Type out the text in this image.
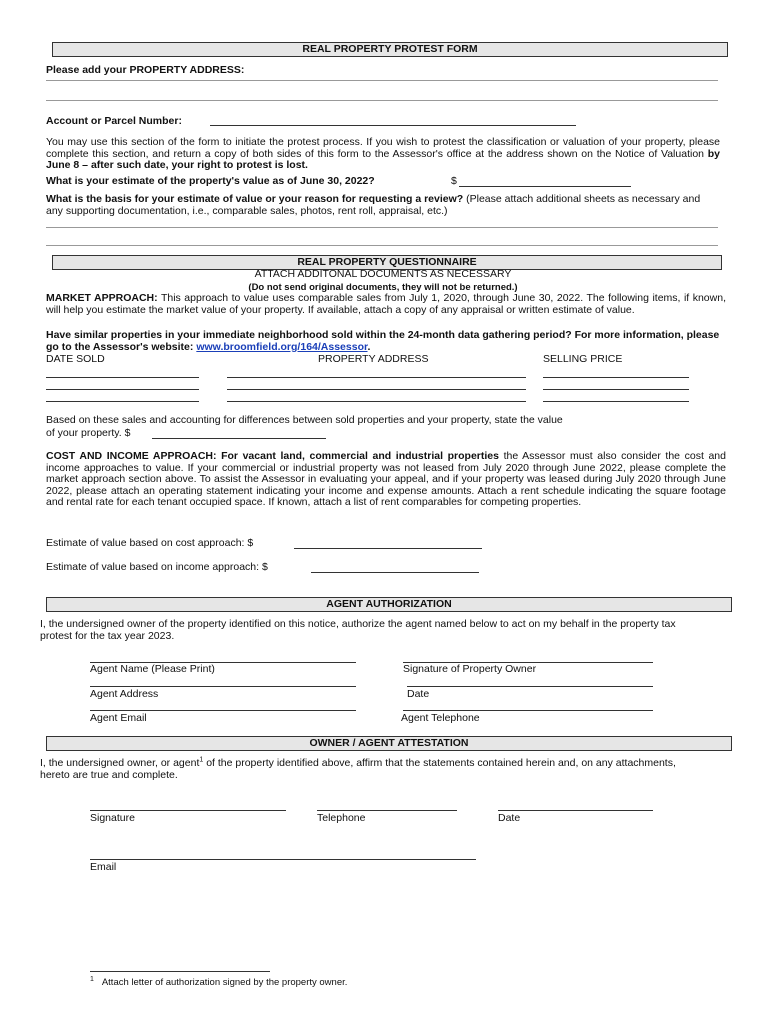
REAL PROPERTY PROTEST FORM
Please add your PROPERTY ADDRESS:
Account or Parcel Number:
You may use this section of the form to initiate the protest process. If you wish to protest the classification or valuation of your property, please complete this section, and return a copy of both sides of this form to the Assessor's office at the address shown on the Notice of Valuation by June 8 – after such date, your right to protest is lost.
What is your estimate of the property's value as of June 30, 2022?	$
What is the basis for your estimate of value or your reason for requesting a review? (Please attach additional sheets as necessary and any supporting documentation, i.e., comparable sales, photos, rent roll, appraisal, etc.)
REAL PROPERTY QUESTIONNAIRE
ATTACH ADDITONAL DOCUMENTS AS NECESSARY
(Do not send original documents, they will not be returned.)
MARKET APPROACH: This approach to value uses comparable sales from July 1, 2020, through June 30, 2022. The following items, if known, will help you estimate the market value of your property. If available, attach a copy of any appraisal or written estimate of value.
Have similar properties in your immediate neighborhood sold within the 24-month data gathering period? For more information, please go to the Assessor's website: www.broomfield.org/164/Assessor.
DATE SOLD	PROPERTY ADDRESS	SELLING PRICE
Based on these sales and accounting for differences between sold properties and your property, state the value
of your property. $
COST AND INCOME APPROACH: For vacant land, commercial and industrial properties the Assessor must also consider the cost and income approaches to value. If your commercial or industrial property was not leased from July 2020 through June 2022, please complete the market approach section above. To assist the Assessor in evaluating your appeal, and if your property was leased during July 2020 through June 2022, please attach an operating statement indicating your income and expense amounts. Attach a rent schedule indicating the square footage and rental rate for each tenant occupied space. If known, attach a list of rent comparables for competing properties.
Estimate of value based on cost approach: $
Estimate of value based on income approach: $
AGENT AUTHORIZATION
I, the undersigned owner of the property identified on this notice, authorize the agent named below to act on my behalf in the property tax protest for the tax year 2023.
Agent Name (Please Print)	Signature of Property Owner
Agent Address	Date
Agent Email	Agent Telephone
OWNER / AGENT ATTESTATION
I, the undersigned owner, or agent$^1$ of the property identified above, affirm that the statements contained herein and, on any attachments, hereto are true and complete.
Signature	Telephone	Date
Email
$^1$ Attach letter of authorization signed by the property owner.
